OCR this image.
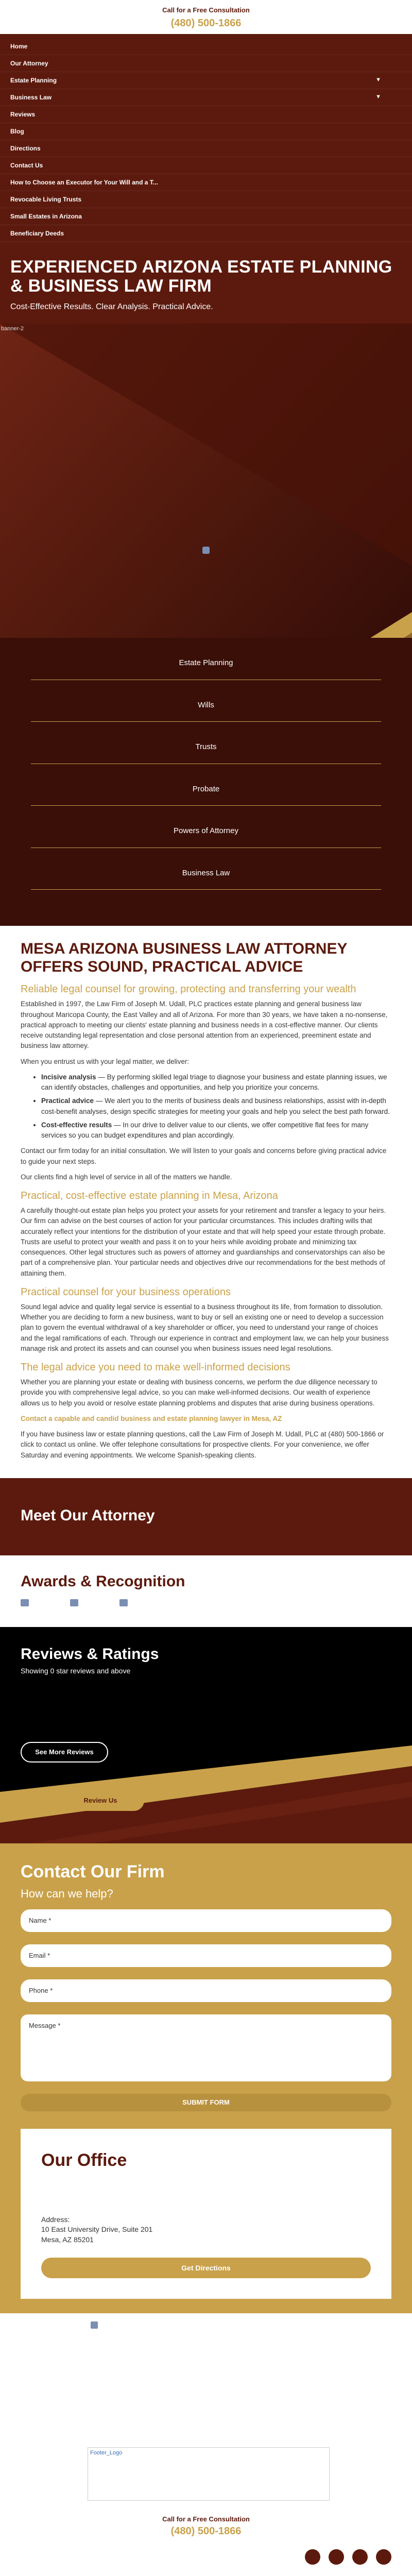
Call for a Free Consultation
(480) 500-1866
Home
Our Attorney
Estate Planning	▼
Business Law	▼
Reviews
Blog
Directions
Contact Us
How to Choose an Executor for Your Will and a T...
Revocable Living Trusts
Small Estates in Arizona
Beneficiary Deeds
EXPERIENCED ARIZONA ESTATE PLANNING & BUSINESS LAW FIRM
Cost-Effective Results. Clear Analysis. Practical Advice.
banner-2
Estate Planning
Wills
Trusts
Probate
Powers of Attorney
Business Law
MESA ARIZONA BUSINESS LAW ATTORNEY OFFERS SOUND, PRACTICAL ADVICE
Reliable legal counsel for growing, protecting and transferring your wealth

Established in 1997, the Law Firm of Joseph M. Udall, PLC practices estate planning and general business law throughout Maricopa County, the East Valley and all of Arizona. For more than 30 years, we have taken a no-nonsense, practical approach to meeting our clients' estate planning and business needs in a cost-effective manner. Our clients receive outstanding legal representation and close personal attention from an experienced, preeminent estate and business law attorney.

When you entrust us with your legal matter, we deliver:

• Incisive analysis — By performing skilled legal triage to diagnose your business and estate planning issues, we can identify obstacles, challenges and opportunities, and help you prioritize your concerns.
• Practical advice — We alert you to the merits of business deals and business relationships, assist with in-depth cost-benefit analyses, design specific strategies for meeting your goals and help you select the best path forward.
• Cost-effective results — In our drive to deliver value to our clients, we offer competitive flat fees for many services so you can budget expenditures and plan accordingly.

Contact our firm today for an initial consultation. We will listen to your goals and concerns before giving practical advice to guide your next steps.

Our clients find a high level of service in all of the matters we handle.

Practical, cost-effective estate planning in Mesa, Arizona

A carefully thought-out estate plan helps you protect your assets for your retirement and transfer a legacy to your heirs. Our firm can advise on the best courses of action for your particular circumstances. This includes drafting wills that accurately reflect your intentions for the distribution of your estate and that will help speed your estate through probate. Trusts are useful to protect your wealth and pass it on to your heirs while avoiding probate and minimizing tax consequences. Other legal structures such as powers of attorney and guardianships and conservatorships can also be part of a comprehensive plan. Your particular needs and objectives drive our recommendations for the best methods of attaining them.

Practical counsel for your business operations

Sound legal advice and quality legal service is essential to a business throughout its life, from formation to dissolution. Whether you are deciding to form a new business, want to buy or sell an existing one or need to develop a succession plan to govern the eventual withdrawal of a key shareholder or officer, you need to understand your range of choices and the legal ramifications of each. Through our experience in contract and employment law, we can help your business manage risk and protect its assets and can counsel you when business issues need legal resolutions.

The legal advice you need to make well-informed decisions

Whether you are planning your estate or dealing with business concerns, we perform the due diligence necessary to provide you with comprehensive legal advice, so you can make well-informed decisions. Our wealth of experience allows us to help you avoid or resolve estate planning problems and disputes that arise during business operations.

Contact a capable and candid business and estate planning lawyer in Mesa, AZ

If you have business law or estate planning questions, call the Law Firm of Joseph M. Udall, PLC at (480) 500-1866 or click to contact us online. We offer telephone consultations for prospective clients. For your convenience, we offer Saturday and evening appointments. We welcome Spanish-speaking clients.

Meet Our Attorney
Awards & Recognition
Reviews & Ratings
Showing 0 star reviews and above
See More Reviews
Review Us
Contact Our Firm
How can we help?
Name *
Email *
Phone *
Message *
SUBMIT FORM
Our Office
Address:
10 East University Drive, Suite 201
Mesa, AZ 85201
Get Directions
Footer_Logo
Call for a Free Consultation
(480) 500-1866
